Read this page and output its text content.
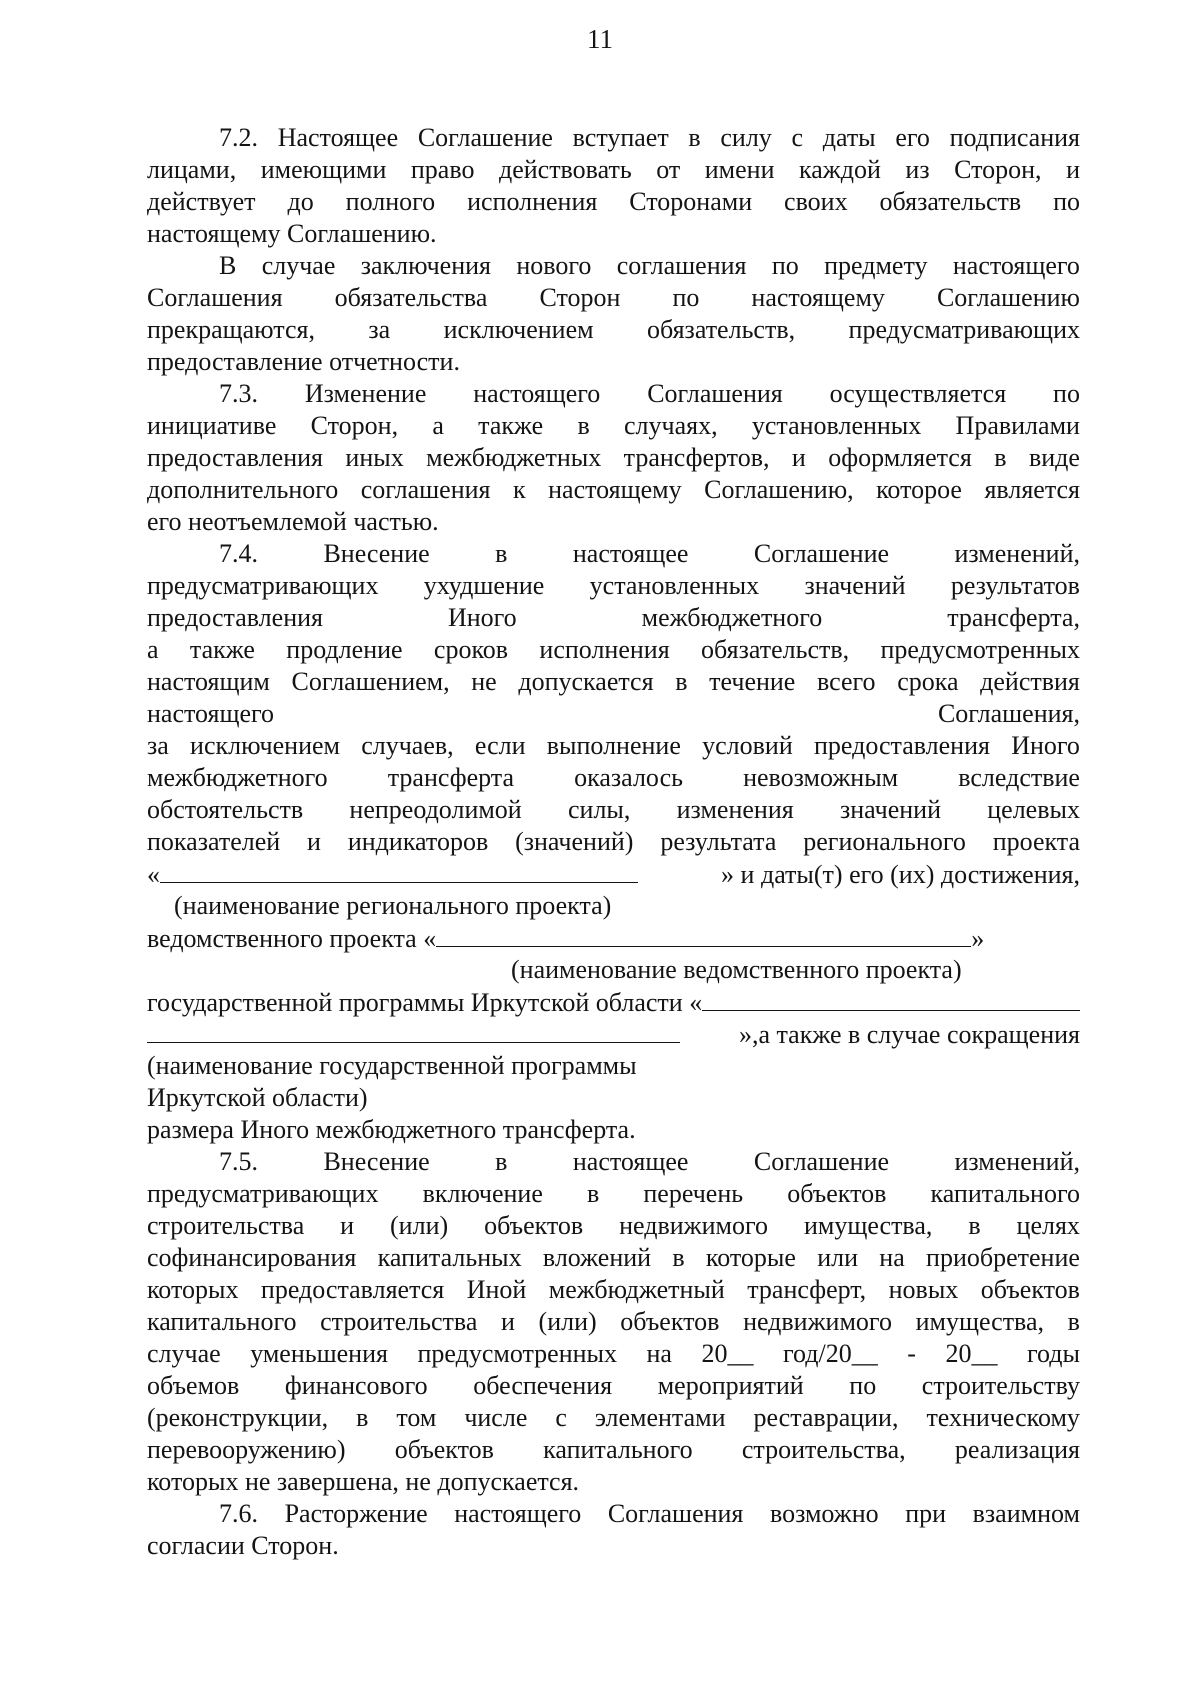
11
7.2. Настоящее Соглашение вступает в силу с даты его подписания
лицами, имеющими право действовать от имени каждой из Сторон, и
действует до полного исполнения Сторонами своих обязательств по
настоящему Соглашению.
В случае заключения нового соглашения по предмету настоящего
Соглашения обязательства Сторон по настоящему Соглашению
прекращаются, за исключением обязательств, предусматривающих
предоставление отчетности.
7.3. Изменение настоящего Соглашения осуществляется по
инициативе Сторон, а также в случаях, установленных Правилами
предоставления иных межбюджетных трансфертов, и оформляется в виде
дополнительного соглашения к настоящему Соглашению, которое является
его неотъемлемой частью.
7.4.	Внесение	в	настоящее	Соглашение	изменений,
предусматривающих ухудшение установленных значений результатов
предоставления	Иного	межбюджетного	трансферта,
а также продление сроков исполнения обязательств, предусмотренных
настоящим Соглашением, не допускается в течение всего срока действия
настоящего	Соглашения,
за исключением случаев, если выполнение условий предоставления Иного
межбюджетного трансферта оказалось невозможным вследствие
обстоятельств непреодолимой силы, изменения значений целевых
показателей и индикаторов (значений) результата регионального проекта
«	» и даты(т) его (их) достижения,
(наименование регионального проекта)
ведомственного проекта «	»
(наименование ведомственного проекта)
государственной программы Иркутской области «
»,а также в случае сокращения
(наименование государственной программы
Иркутской области)
размера Иного межбюджетного трансферта.
7.5.	Внесение	в	настоящее	Соглашение	изменений,
предусматривающих включение в перечень объектов капитального
строительства и (или) объектов недвижимого имущества, в целях
софинансирования капитальных вложений в которые или на приобретение
которых предоставляется Иной межбюджетный трансферт, новых объектов
капитального строительства и (или) объектов недвижимого имущества, в
случае уменьшения предусмотренных на 20__ год/20__ - 20__ годы
объемов финансового обеспечения мероприятий по строительству
(реконструкции, в том числе с элементами реставрации, техническому
перевооружению) объектов капитального строительства, реализация
которых не завершена, не допускается.
7.6. Расторжение настоящего Соглашения возможно при взаимном
согласии Сторон.
